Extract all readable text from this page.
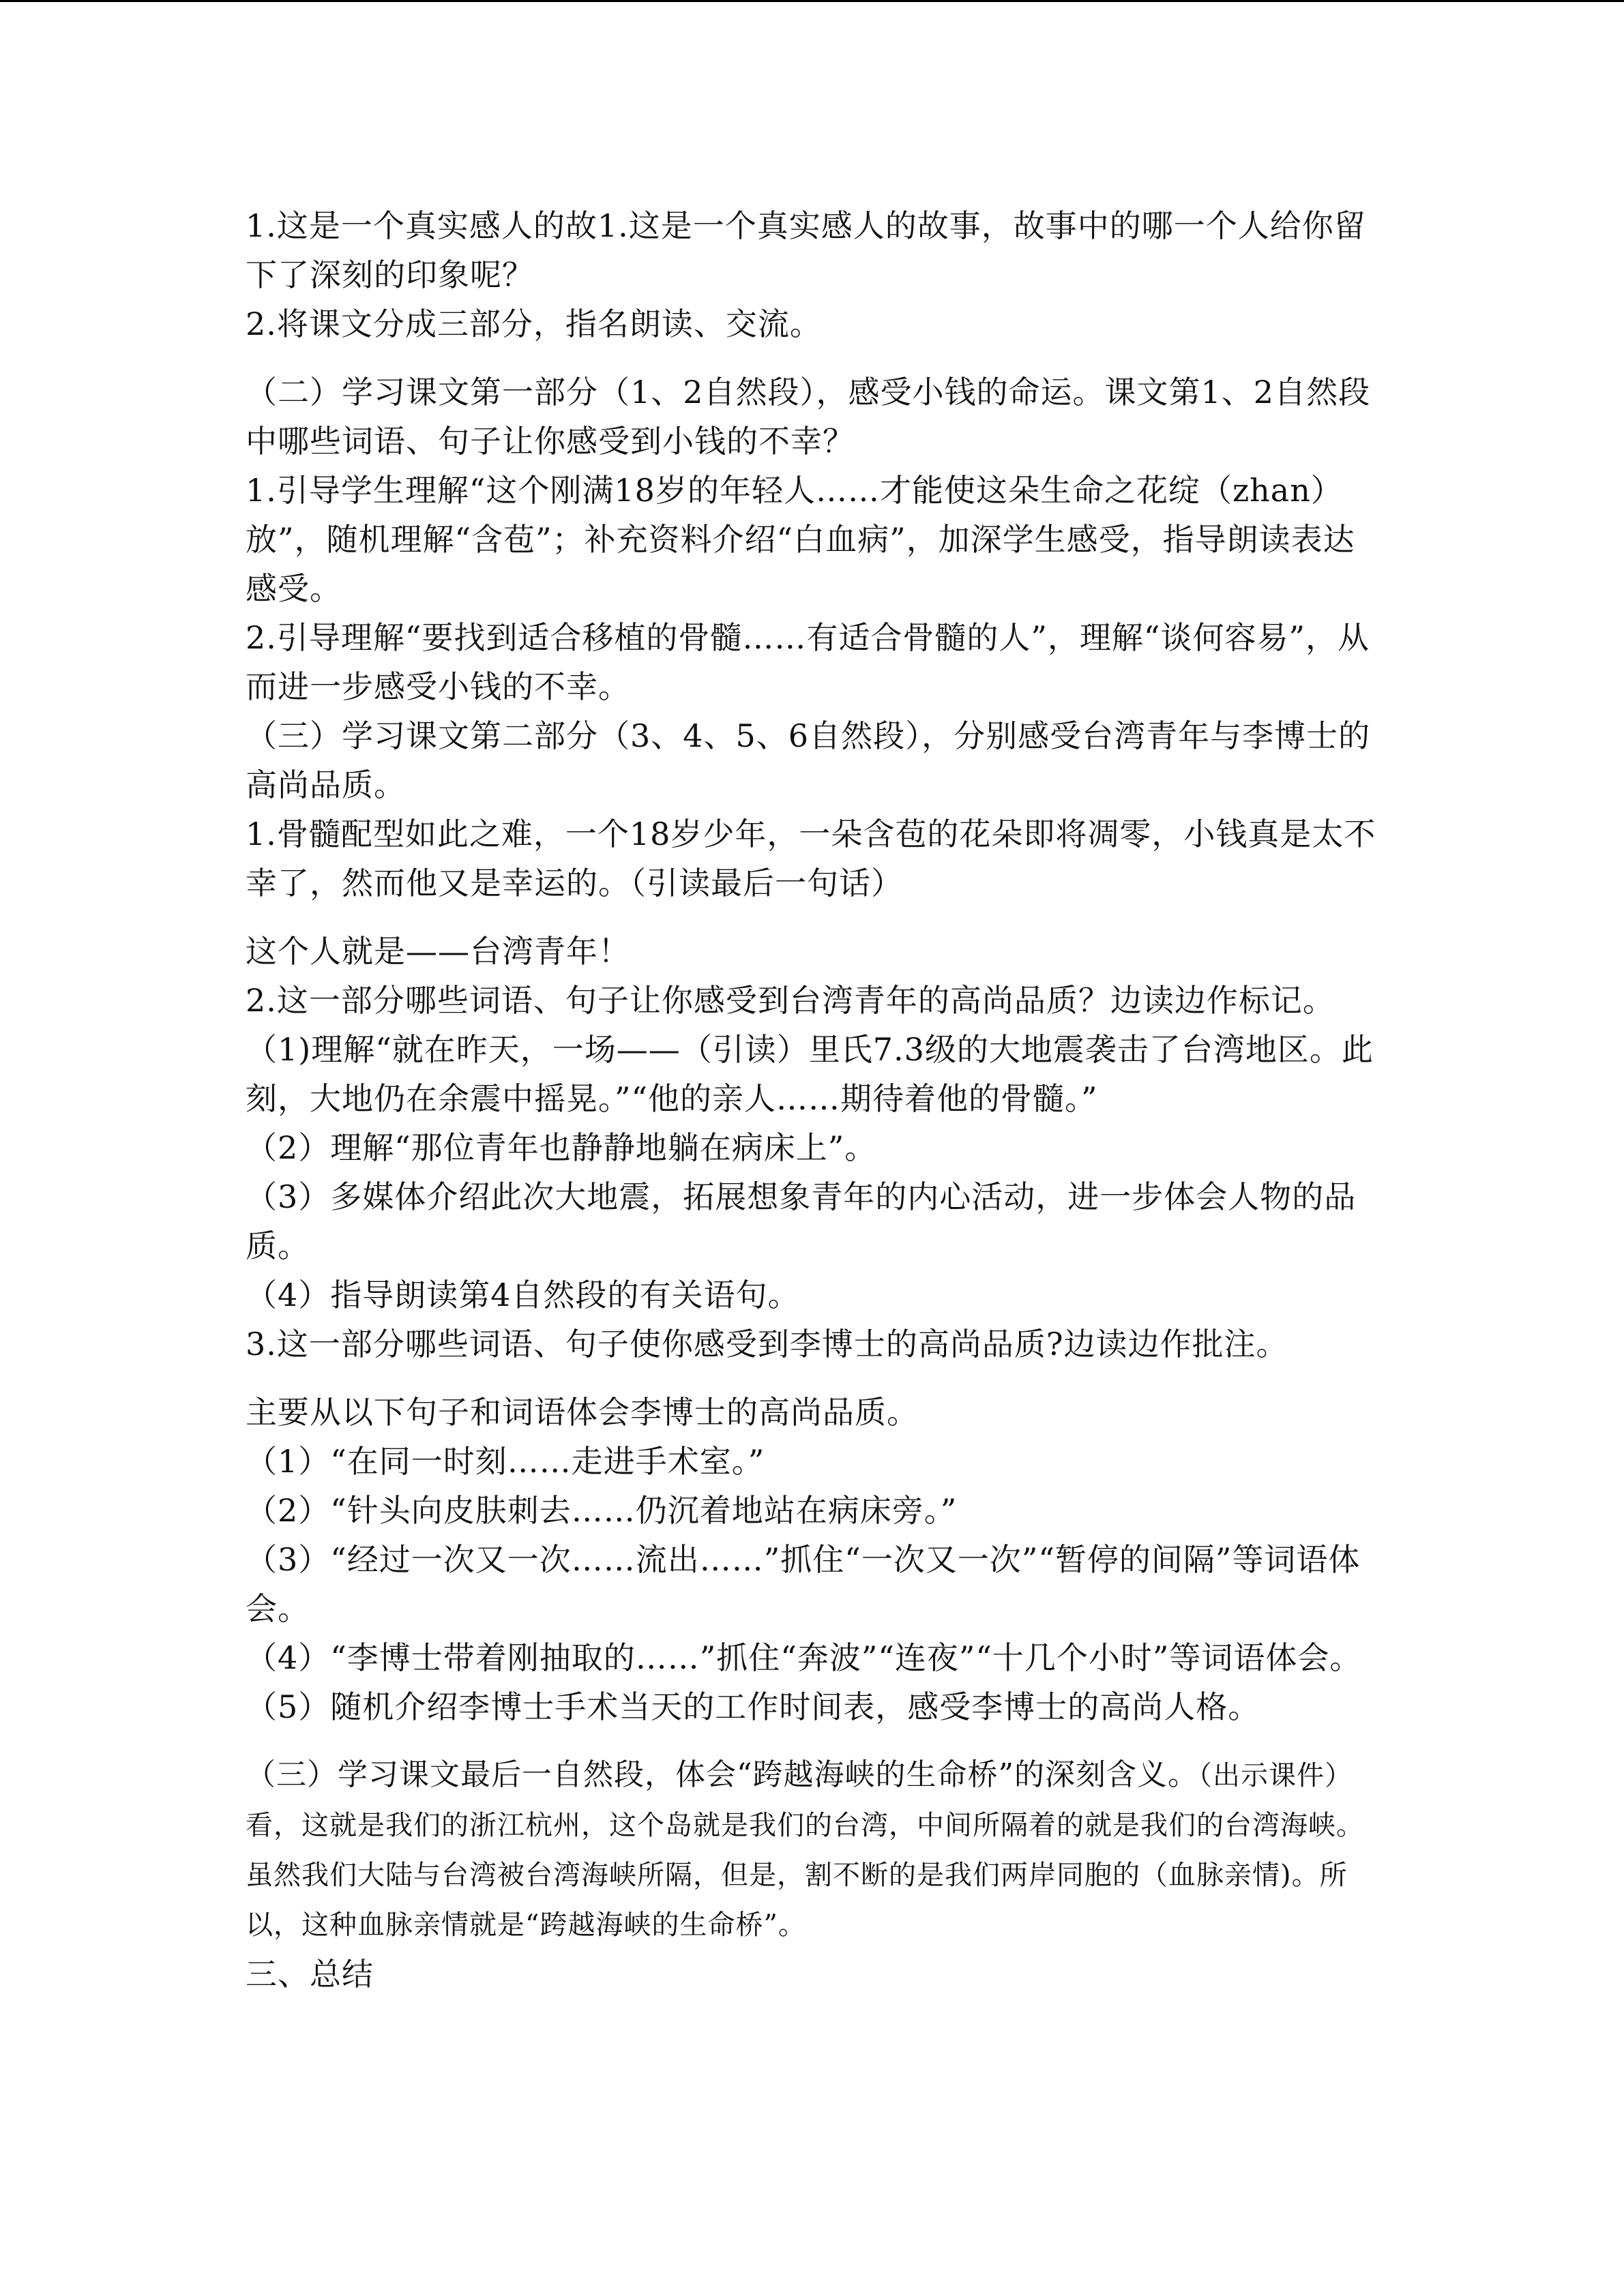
1.这是一个真实感人的故1.这是一个真实感人的故事，故事中的哪一个人给你留下了深刻的印象呢？

2.将课文分成三部分，指名朗读、交流。

（二）学习课文第一部分（1、2自然段），感受小钱的命运。课文第1、2自然段中哪些词语、句子让你感受到小钱的不幸？

1.引导学生理解“这个刚满18岁的年轻人……才能使这朵生命之花绽（zhan）放”，随机理解“含苞”；补充资料介绍“白血病”，加深学生感受，指导朗读表达感受。

2.引导理解“要找到适合移植的骨髓……有适合骨髓的人”，理解“谈何容易”，从而进一步感受小钱的不幸。

（三）学习课文第二部分（3、4、5、6自然段），分别感受台湾青年与李博士的高尚品质。

1.骨髓配型如此之难，一个18岁少年，一朵含苞的花朵即将凋零，小钱真是太不幸了，然而他又是幸运的。（引读最后一句话）

这个人就是——台湾青年！

2.这一部分哪些词语、句子让你感受到台湾青年的高尚品质？边读边作标记。

（1)理解“就在昨天，一场——（引读）里氏7.3级的大地震袭击了台湾地区。此刻，大地仍在余震中摇晃。”“他的亲人……期待着他的骨髓。”

（2）理解“那位青年也静静地躺在病床上”。

（3）多媒体介绍此次大地震，拓展想象青年的内心活动，进一步体会人物的品质。

（4）指导朗读第4自然段的有关语句。

3.这一部分哪些词语、句子使你感受到李博士的高尚品质?边读边作批注。

主要从以下句子和词语体会李博士的高尚品质。

（1）“在同一时刻……走进手术室。”

（2）“针头向皮肤刺去……仍沉着地站在病床旁。”

（3）“经过一次又一次……流出……”抓住“一次又一次”“暂停的间隔”等词语体会。

（4）“李博士带着刚抽取的……”抓住“奔波”“连夜”“十几个小时”等词语体会。

（5）随机介绍李博士手术当天的工作时间表，感受李博士的高尚人格。

（三）学习课文最后一自然段，体会“跨越海峡的生命桥”的深刻含义。（出示课件）看，这就是我们的浙江杭州，这个岛就是我们的台湾，中间所隔着的就是我们的台湾海峡。虽然我们大陆与台湾被台湾海峡所隔，但是，割不断的是我们两岸同胞的（血脉亲情)。所以，这种血脉亲情就是“跨越海峡的生命桥”。

三、总结
